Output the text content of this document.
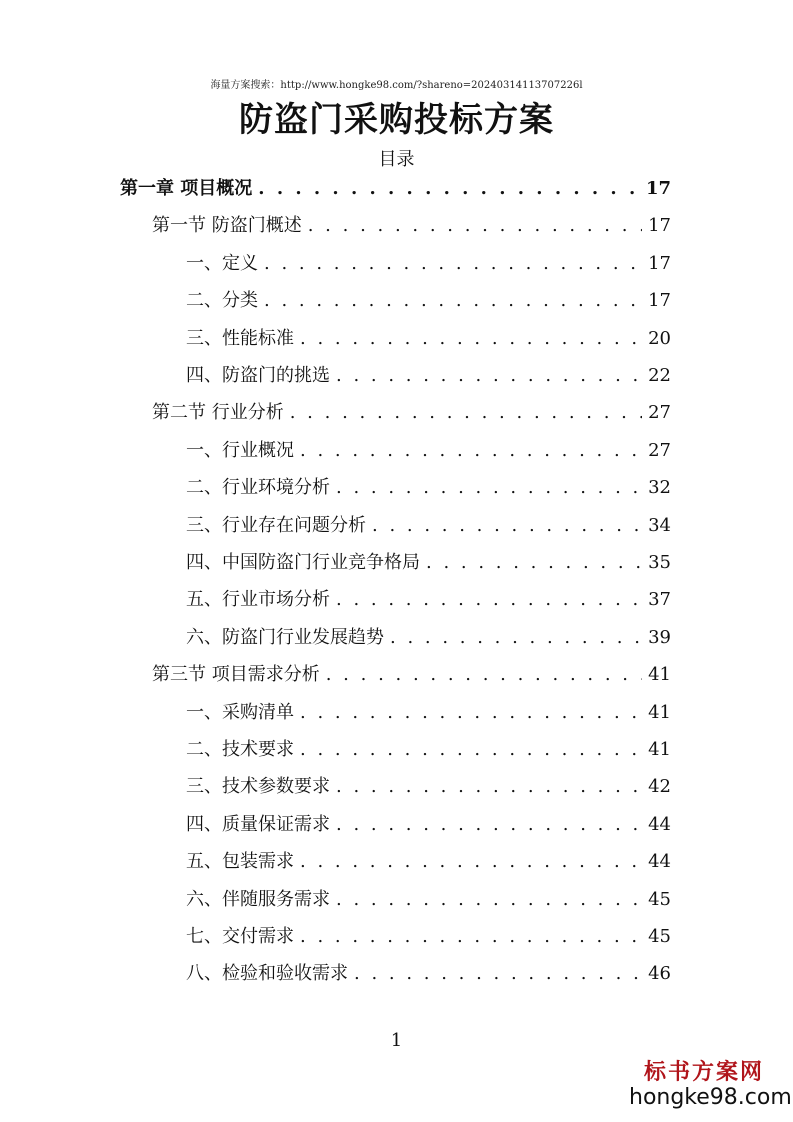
海量方案搜索：http://www.hongke98.com/?shareno=20240314113707226l
防盗门采购投标方案
目录
第一章 项目概况 . . .	17
第一节 防盗门概述 . . .	17
一、定义 . . .	17
二、分类 . . .	17
三、性能标准 . . .	20
四、防盗门的挑选 . . .	22
第二节 行业分析 . . .	27
一、行业概况 . . .	27
二、行业环境分析 . . .	32
三、行业存在问题分析 . . .	34
四、中国防盗门行业竞争格局 . . .	35
五、行业市场分析 . . .	37
六、防盗门行业发展趋势 . . .	39
第三节 项目需求分析 . . .	41
一、采购清单 . . .	41
二、技术要求 . . .	41
三、技术参数要求 . . .	42
四、质量保证需求 . . .	44
五、包装需求 . . .	44
六、伴随服务需求 . . .	45
七、交付需求 . . .	45
八、检验和验收需求 . . .	46
1
标书方案网
hongke98.com
